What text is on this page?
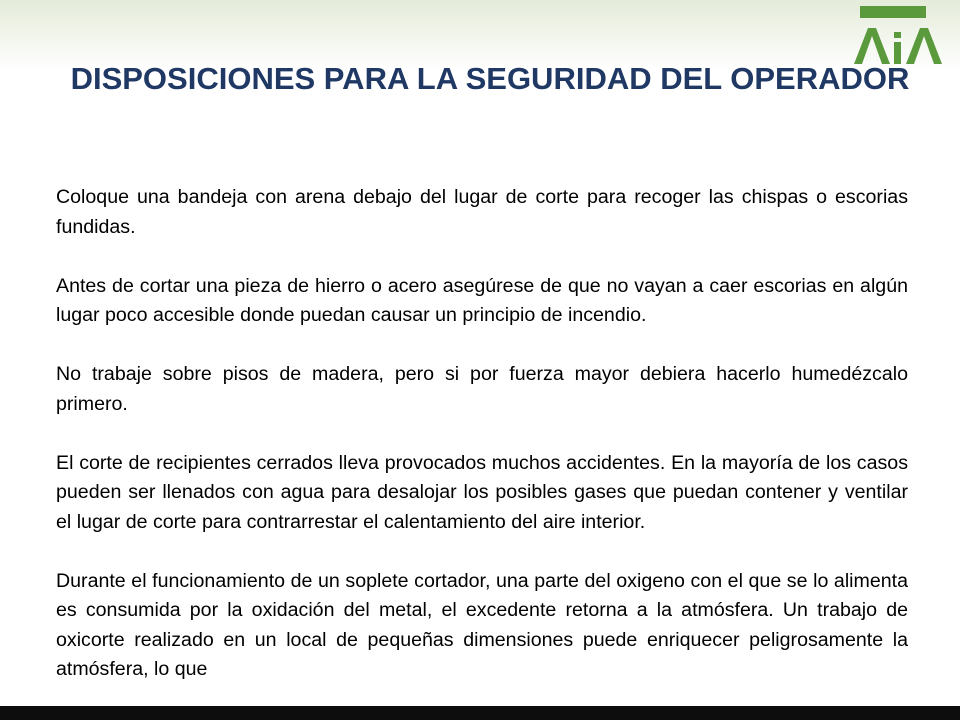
DISPOSICIONES PARA LA SEGURIDAD DEL OPERADOR

Coloque una bandeja con arena debajo del lugar de corte para recoger las chispas o escorias fundidas.

Antes de cortar una pieza de hierro o acero asegúrese de que no vayan a caer escorias en algún lugar poco accesible donde puedan causar un principio de incendio.

No trabaje sobre pisos de madera, pero si por fuerza mayor debiera hacerlo humedézcalo primero.

El corte de recipientes cerrados lleva provocados muchos accidentes. En la mayoría de los casos pueden ser llenados con agua para desalojar los posibles gases que puedan contener y ventilar el lugar de corte para contrarrestar el calentamiento del aire interior.

Durante el funcionamiento de un soplete cortador, una parte del oxigeno con el que se lo alimenta es consumida por la oxidación del metal, el excedente retorna a la atmósfera. Un trabajo de oxicorte realizado en un local de pequeñas dimensiones puede enriquecer peligrosamente la atmósfera, lo que
